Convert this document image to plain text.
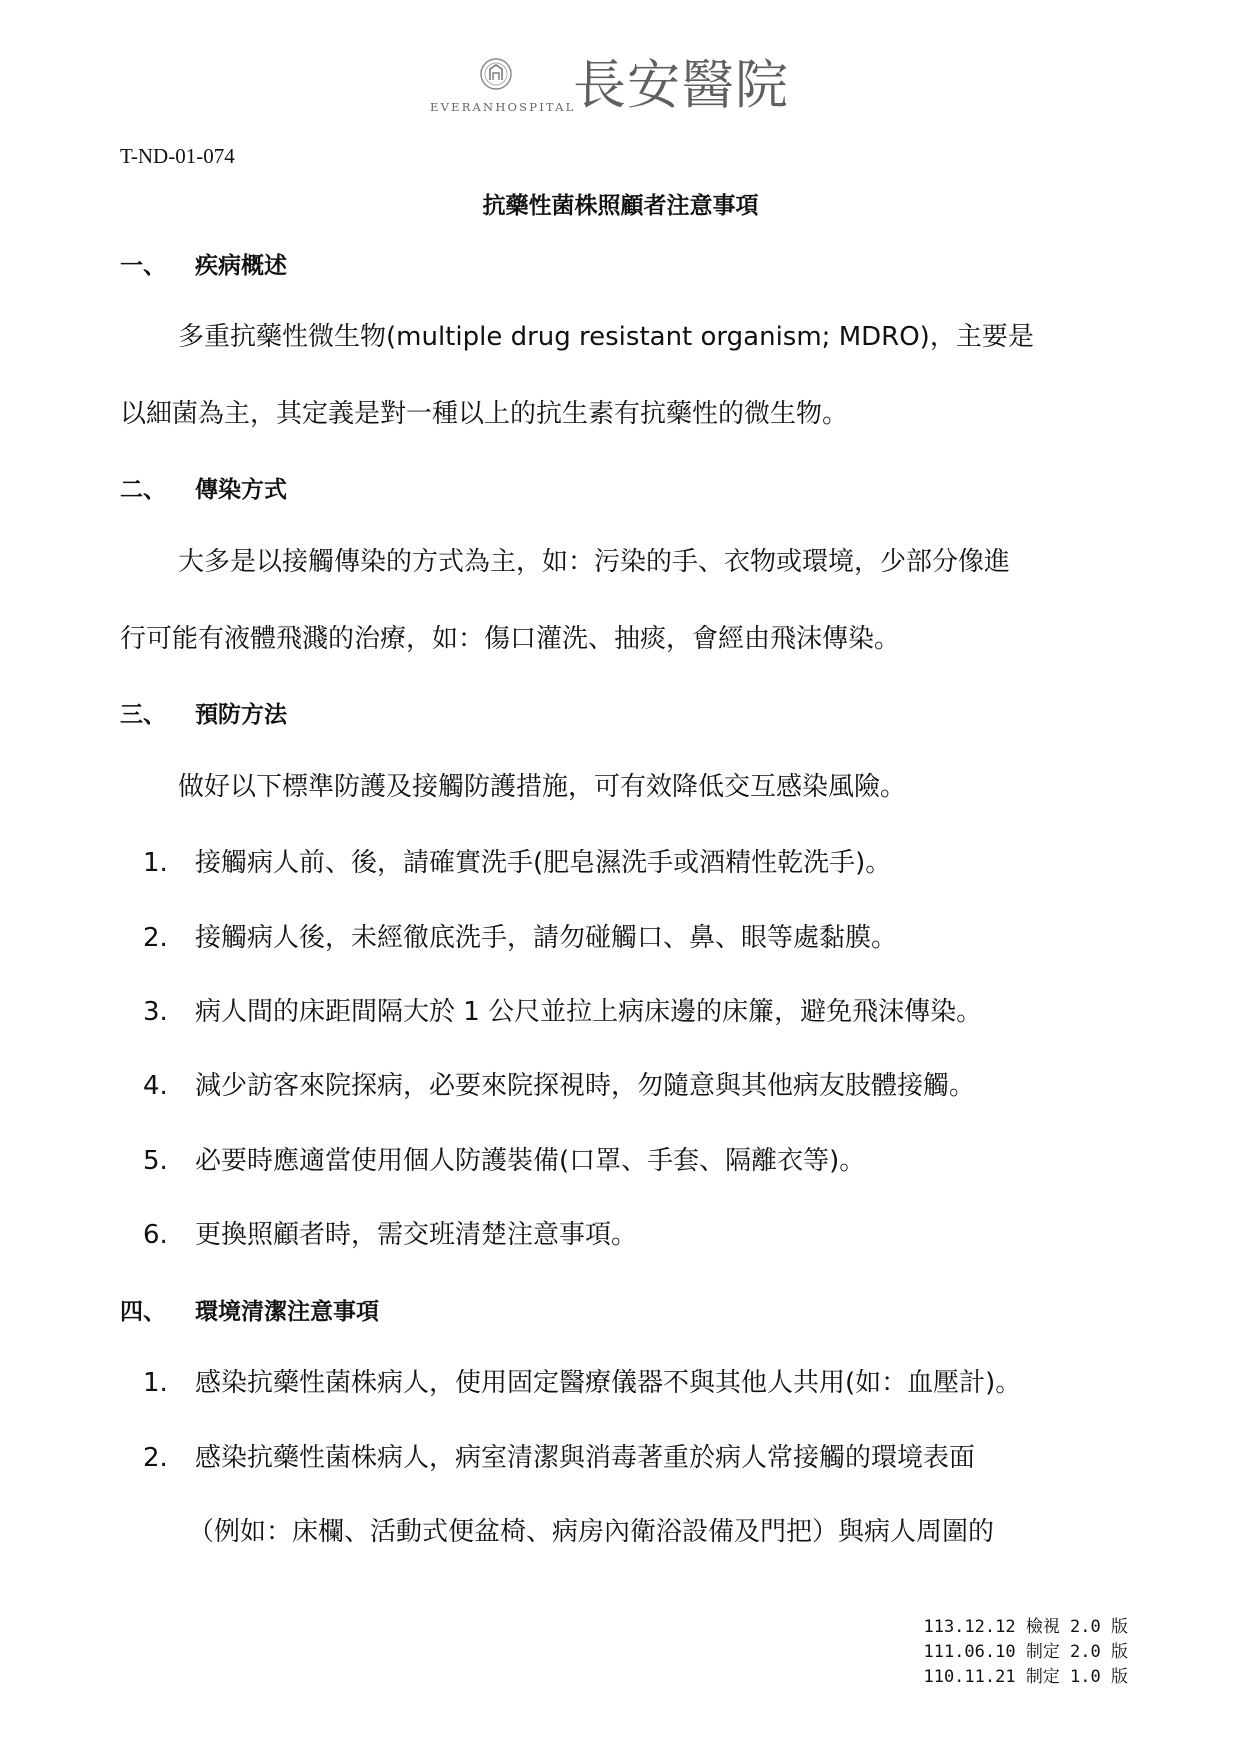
EVERANHOSPITAL
長安醫院
T-ND-01-074
抗藥性菌株照顧者注意事項
一、 疾病概述
多重抗藥性微生物(multiple drug resistant organism; MDRO)，主要是
以細菌為主，其定義是對一種以上的抗生素有抗藥性的微生物。
二、 傳染方式
大多是以接觸傳染的方式為主，如：污染的手、衣物或環境，少部分像進
行可能有液體飛濺的治療，如：傷口灌洗、抽痰，會經由飛沫傳染。
三、 預防方法
做好以下標準防護及接觸防護措施，可有效降低交互感染風險。
1. 接觸病人前、後，請確實洗手(肥皂濕洗手或酒精性乾洗手)。
2. 接觸病人後，未經徹底洗手，請勿碰觸口、鼻、眼等處黏膜。
3. 病人間的床距間隔大於 1 公尺並拉上病床邊的床簾，避免飛沫傳染。
4. 減少訪客來院探病，必要來院探視時，勿隨意與其他病友肢體接觸。
5. 必要時應適當使用個人防護裝備(口罩、手套、隔離衣等)。
6. 更換照顧者時，需交班清楚注意事項。
四、 環境清潔注意事項
1. 感染抗藥性菌株病人，使用固定醫療儀器不與其他人共用(如：血壓計)。
2. 感染抗藥性菌株病人，病室清潔與消毒著重於病人常接觸的環境表面
（例如：床欄、活動式便盆椅、病房內衛浴設備及門把）與病人周圍的
113.12.12 檢視 2.0 版
111.06.10 制定 2.0 版
110.11.21 制定 1.0 版
